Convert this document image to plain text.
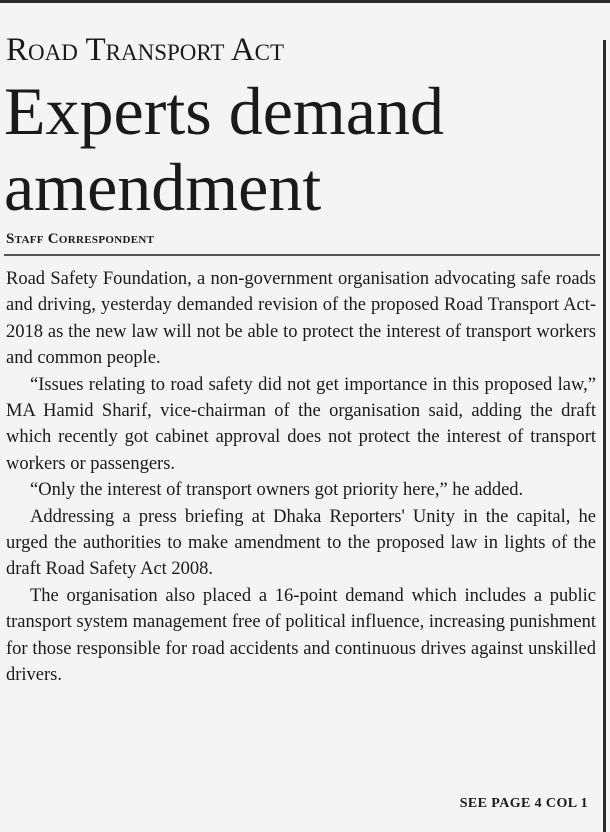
Road Transport Act
Experts demand amendment
Staff Correspondent

Road Safety Foundation, a non-government organisation advocating safe roads and driving, yesterday demanded revision of the proposed Road Transport Act-2018 as the new law will not be able to protect the interest of transport workers and common people.

“Issues relating to road safety did not get importance in this proposed law,” MA Hamid Sharif, vice-chairman of the organisation said, adding the draft which recently got cabinet approval does not protect the interest of transport workers or passengers.

“Only the interest of transport owners got priority here,” he added.

Addressing a press briefing at Dhaka Reporters' Unity in the capital, he urged the authorities to make amendment to the proposed law in lights of the draft Road Safety Act 2008.

The organisation also placed a 16-point demand which includes a public transport system management free of political influence, increasing punishment for those responsible for road accidents and continuous drives against unskilled drivers.

SEE PAGE 4 COL 1
